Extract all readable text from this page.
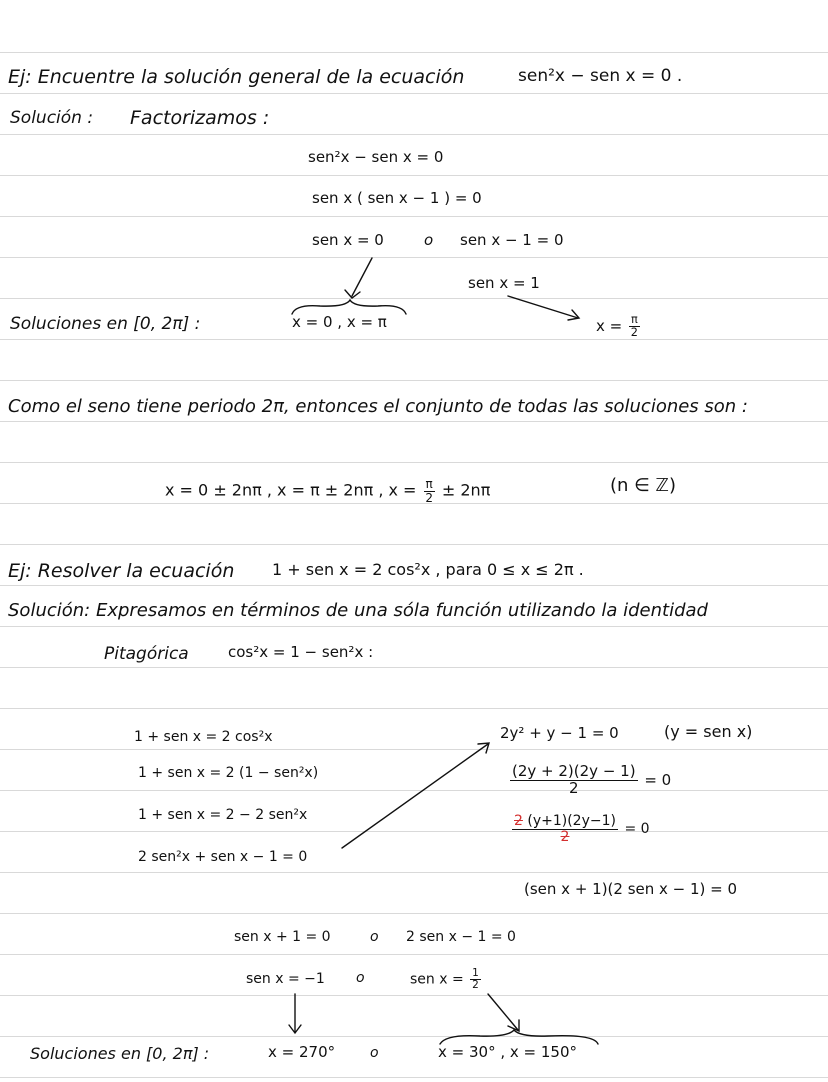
Ej: Encuentre la solución general de la ecuación	sen²x − sen x = 0 .
Solución : Factorizamos :
sen²x − sen x = 0
sen x ( sen x − 1 ) = 0
sen x = 0	o sen x − 1 = 0
sen x = 1
Soluciones en [0, 2π] :	x = 0 , x = π	$x = \frac{\pi}{2}$
Como el seno tiene periodo 2π, entonces el conjunto de todas las soluciones son :
x = 0 ± 2nπ , x = π ± 2nπ , $x = \frac{\pi}{2} \pm 2n\pi$	(n ∈ ℤ)
Ej: Resolver la ecuación 1 + sen x = 2 cos²x , para 0 ≤ x ≤ 2π .
Solución: Expresamos en términos de una sóla función utilizando la identidad
Pitagórica	cos²x = 1 − sen²x :
1 + sen x = 2 cos²x
1 + sen x = 2 (1 − sen²x)
1 + sen x = 2 − 2 sen²x
2 sen²x + sen x − 1 = 0
2y² + y − 1 = 0	(y = sen x)
$\frac{(2y + 2)(2y - 1)}{2} = 0$
$\frac{2 (y+1)(2y-1)}{2} = 0$
(sen x + 1)(2 sen x − 1) = 0
sen x + 1 = 0	o 2 sen x − 1 = 0
sen x = −1 o	sen $x = \frac{1}{2}$
Soluciones en [0, 2π] :	x = 270° o	x = 30° , x = 150°
